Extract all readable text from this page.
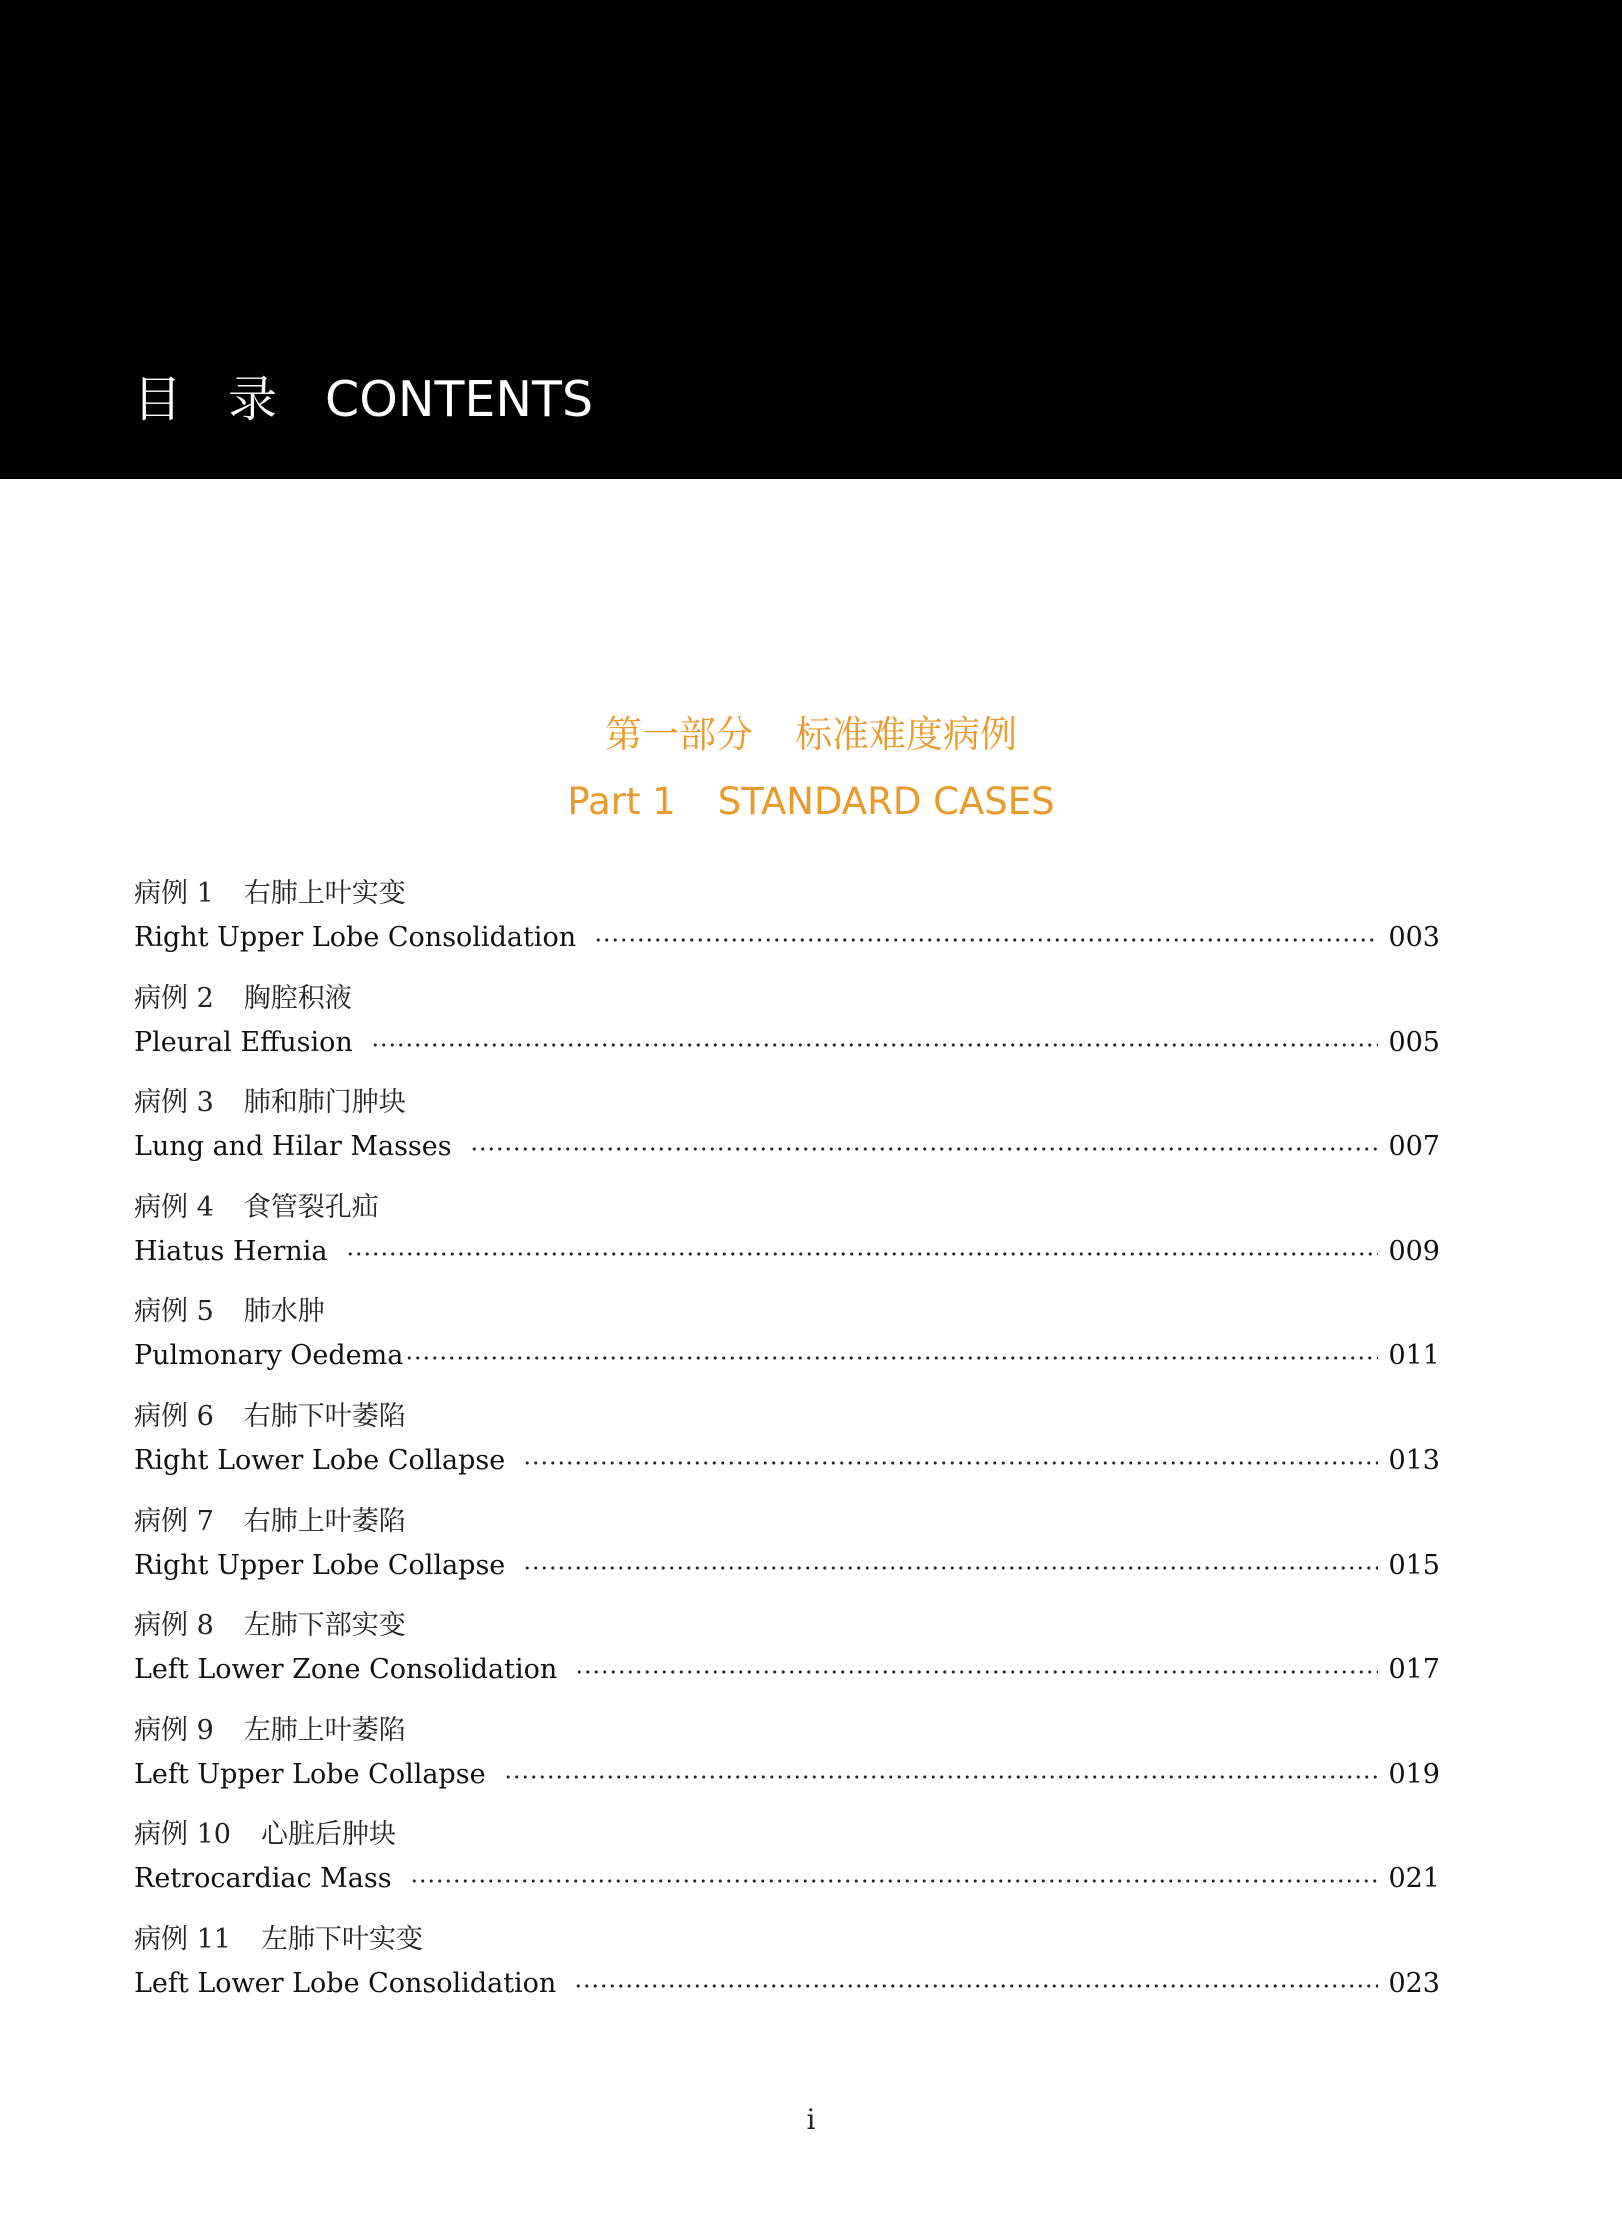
目 录 CONTENTS
第一部分 标准难度病例
Part 1 STANDARD CASES
病例 1 右肺上叶实变
Right Upper Lobe Consolidation	003
病例 2 胸腔积液
Pleural Effusion	005
病例 3 肺和肺门肿块
Lung and Hilar Masses	007
病例 4 食管裂孔疝
Hiatus Hernia	009
病例 5 肺水肿
Pulmonary Oedema	011
病例 6 右肺下叶萎陷
Right Lower Lobe Collapse	013
病例 7 右肺上叶萎陷
Right Upper Lobe Collapse	015
病例 8 左肺下部实变
Left Lower Zone Consolidation	017
病例 9 左肺上叶萎陷
Left Upper Lobe Collapse	019
病例 10 心脏后肿块
Retrocardiac Mass	021
病例 11 左肺下叶实变
Left Lower Lobe Consolidation	023
i
